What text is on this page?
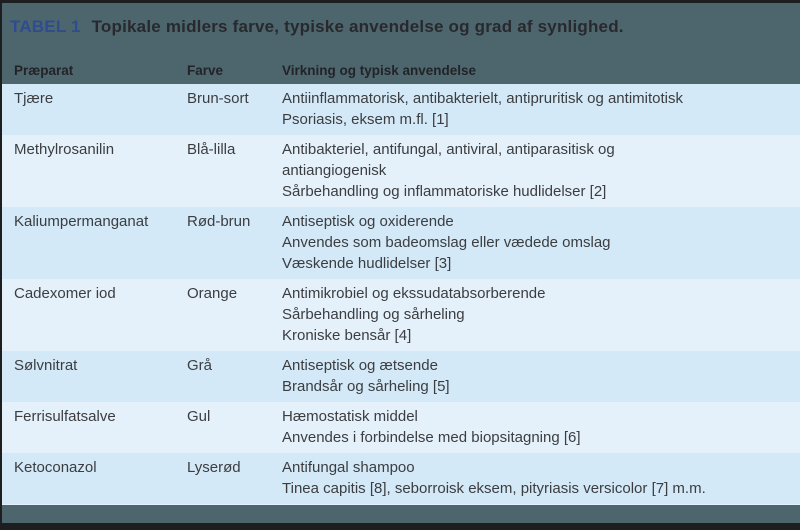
TABEL 1 Topikale midlers farve, typiske anvendelse og grad af synlighed.
Præparat	Farve	Virkning og typisk anvendelse
Tjære	Brun-sort	Antiinflammatorisk, antibakterielt, antipruritisk og antimitotisk
Psoriasis, eksem m.fl. [1]
Methylrosanilin	Blå-lilla	Antibakteriel, antifungal, antiviral, antiparasitisk og
antiangiogenisk
Sårbehandling og inflammatoriske hudlidelser [2]
Kaliumpermanganat	Rød-brun	Antiseptisk og oxiderende
Anvendes som badeomslag eller vædede omslag
Væskende hudlidelser [3]
Cadexomer iod	Orange	Antimikrobiel og ekssudatabsorberende
Sårbehandling og sårheling
Kroniske bensår [4]
Sølvnitrat	Grå	Antiseptisk og ætsende
Brandsår og sårheling [5]
Ferrisulfatsalve	Gul	Hæmostatisk middel
Anvendes i forbindelse med biopsitagning [6]
Ketoconazol	Lyserød	Antifungal shampoo
Tinea capitis [8], seborroisk eksem, pityriasis versicolor [7] m.m.
